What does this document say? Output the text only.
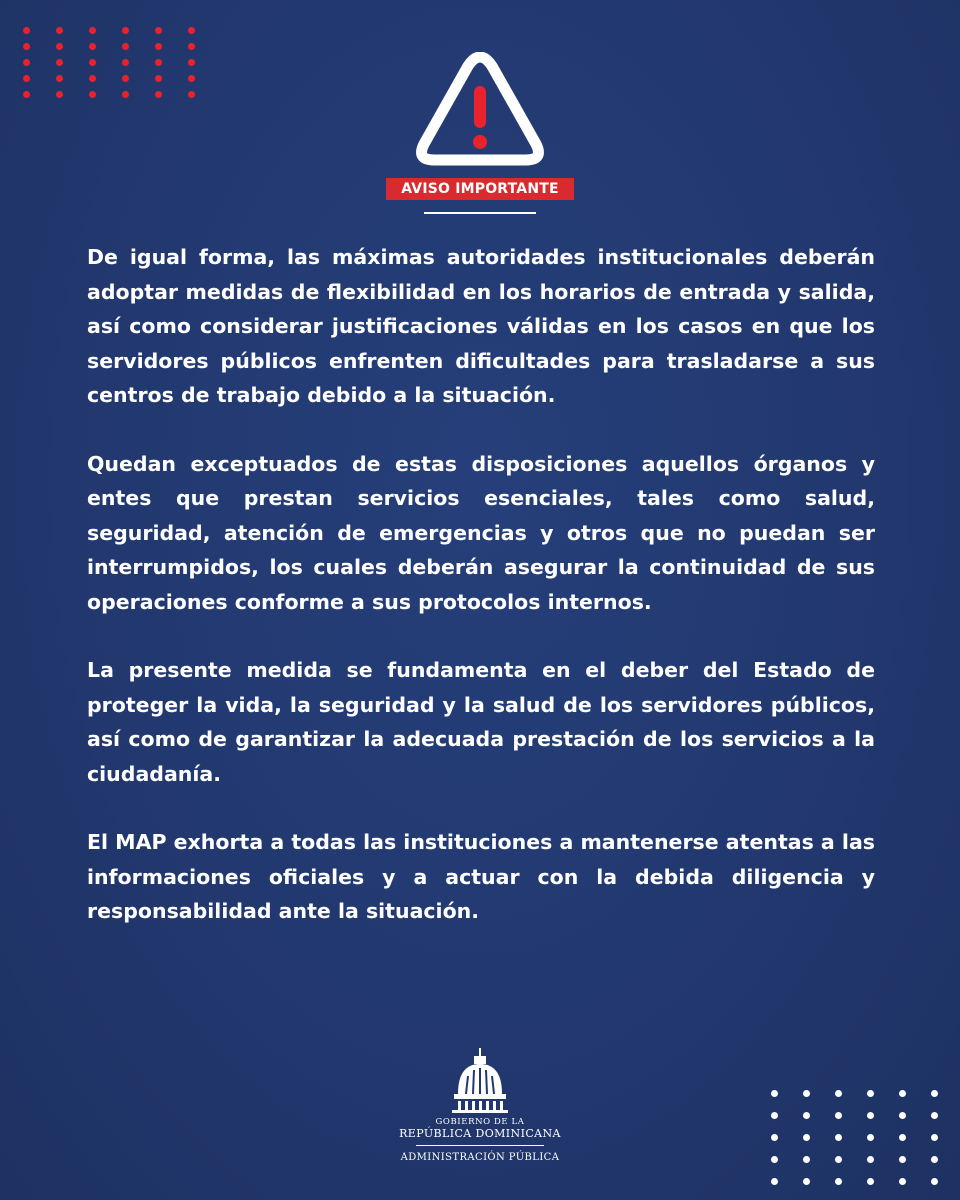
AVISO IMPORTANTE

De igual forma, las máximas autoridades institucionales deberán adoptar medidas de flexibilidad en los horarios de entrada y salida, así como considerar justificaciones válidas en los casos en que los servidores públicos enfrenten dificultades para trasladarse a sus centros de trabajo debido a la situación.

Quedan exceptuados de estas disposiciones aquellos órganos y entes que prestan servicios esenciales, tales como salud, seguridad, atención de emergencias y otros que no puedan ser interrumpidos, los cuales deberán asegurar la continuidad de sus operaciones conforme a sus protocolos internos.

La presente medida se fundamenta en el deber del Estado de proteger la vida, la seguridad y la salud de los servidores públicos, así como de garantizar la adecuada prestación de los servicios a la ciudadanía.

El MAP exhorta a todas las instituciones a mantenerse atentas a las informaciones oficiales y a actuar con la debida diligencia y responsabilidad ante la situación.

GOBIERNO DE LA
REPÚBLICA DOMINICANA
ADMINISTRACIÓN PÚBLICA
